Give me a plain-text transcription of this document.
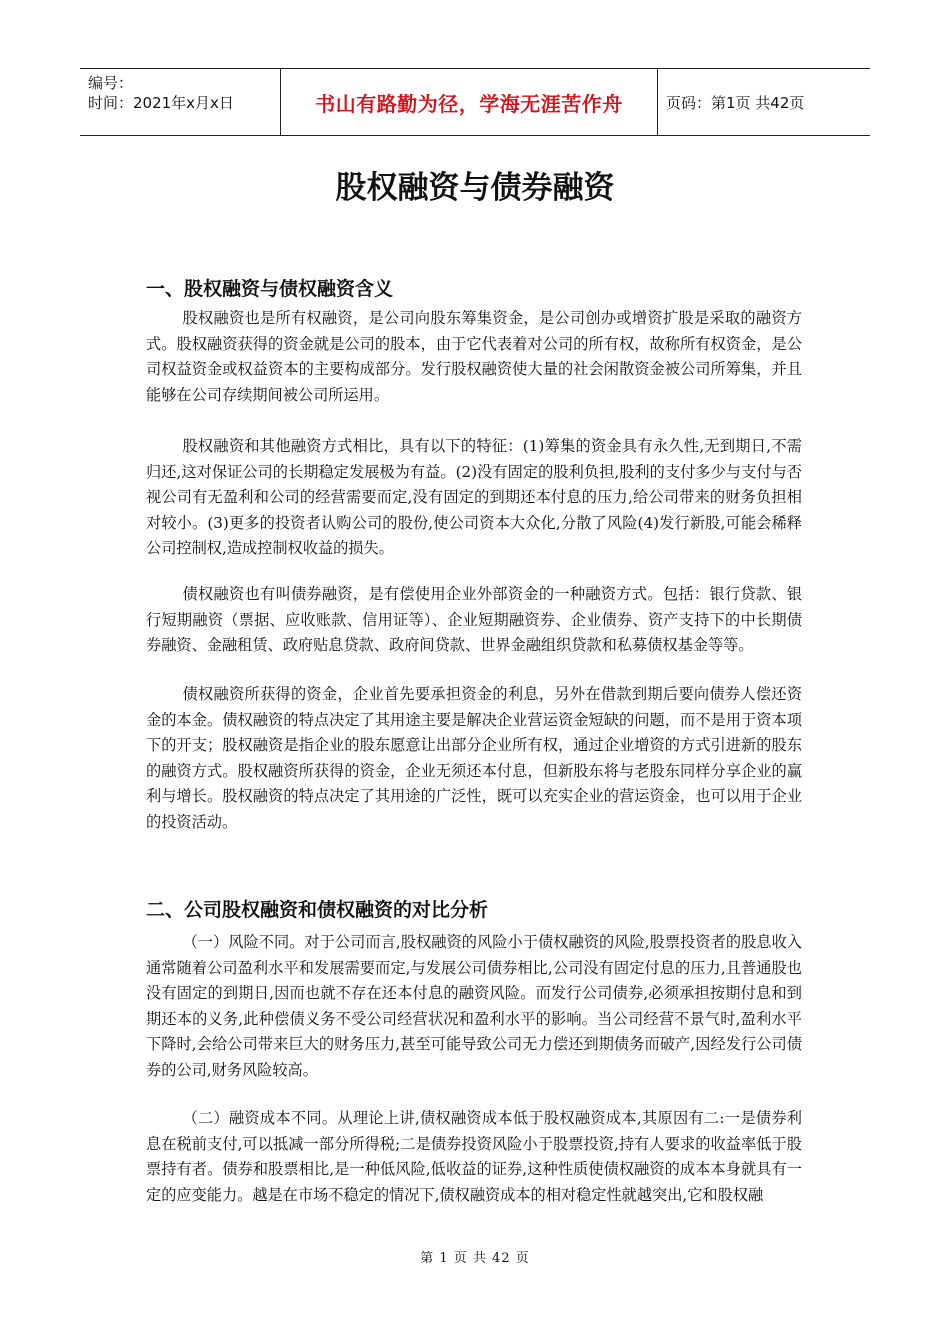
编号：
时间：2021年x月x日	书山有路勤为径，学海无涯苦作舟	页码：第1页 共42页
股权融资与债券融资
一、股权融资与债权融资含义

股权融资也是所有权融资，是公司向股东筹集资金，是公司创办或增资扩股是采取的融资方式。股权融资获得的资金就是公司的股本，由于它代表着对公司的所有权，故称所有权资金，是公司权益资金或权益资本的主要构成部分。发行股权融资使大量的社会闲散资金被公司所筹集，并且能够在公司存续期间被公司所运用。

股权融资和其他融资方式相比，具有以下的特征：(1)筹集的资金具有永久性,无到期日,不需归还,这对保证公司的长期稳定发展极为有益。(2)没有固定的股利负担,股利的支付多少与支付与否视公司有无盈利和公司的经营需要而定,没有固定的到期还本付息的压力,给公司带来的财务负担相对较小。(3)更多的投资者认购公司的股份,使公司资本大众化,分散了风险(4)发行新股,可能会稀释公司控制权,造成控制权收益的损失。

债权融资也有叫债券融资，是有偿使用企业外部资金的一种融资方式。包括：银行贷款、银行短期融资（票据、应收账款、信用证等）、企业短期融资券、企业债券、资产支持下的中长期债券融资、金融租赁、政府贴息贷款、政府间贷款、世界金融组织贷款和私募债权基金等等。

债权融资所获得的资金，企业首先要承担资金的利息，另外在借款到期后要向债券人偿还资金的本金。债权融资的特点决定了其用途主要是解决企业营运资金短缺的问题，而不是用于资本项下的开支；股权融资是指企业的股东愿意让出部分企业所有权，通过企业增资的方式引进新的股东的融资方式。股权融资所获得的资金，企业无须还本付息，但新股东将与老股东同样分享企业的赢利与增长。股权融资的特点决定了其用途的广泛性，既可以充实企业的营运资金，也可以用于企业的投资活动。

二、公司股权融资和债权融资的对比分析

（一）风险不同。对于公司而言,股权融资的风险小于债权融资的风险,股票投资者的股息收入通常随着公司盈利水平和发展需要而定,与发展公司债券相比,公司没有固定付息的压力,且普通股也没有固定的到期日,因而也就不存在还本付息的融资风险。而发行公司债券,必须承担按期付息和到期还本的义务,此种偿债义务不受公司经营状况和盈利水平的影响。当公司经营不景气时,盈利水平下降时,会给公司带来巨大的财务压力,甚至可能导致公司无力偿还到期债务而破产,因经发行公司债券的公司,财务风险较高。

（二）融资成本不同。从理论上讲,债权融资成本低于股权融资成本,其原因有二:一是债券利息在税前支付,可以抵减一部分所得税;二是债券投资风险小于股票投资,持有人要求的收益率低于股票持有者。债券和股票相比,是一种低风险,低收益的证券,这种性质使债权融资的成本本身就具有一定的应变能力。越是在市场不稳定的情况下,债权融资成本的相对稳定性就越突出,它和股权融

第 1 页 共 42 页
